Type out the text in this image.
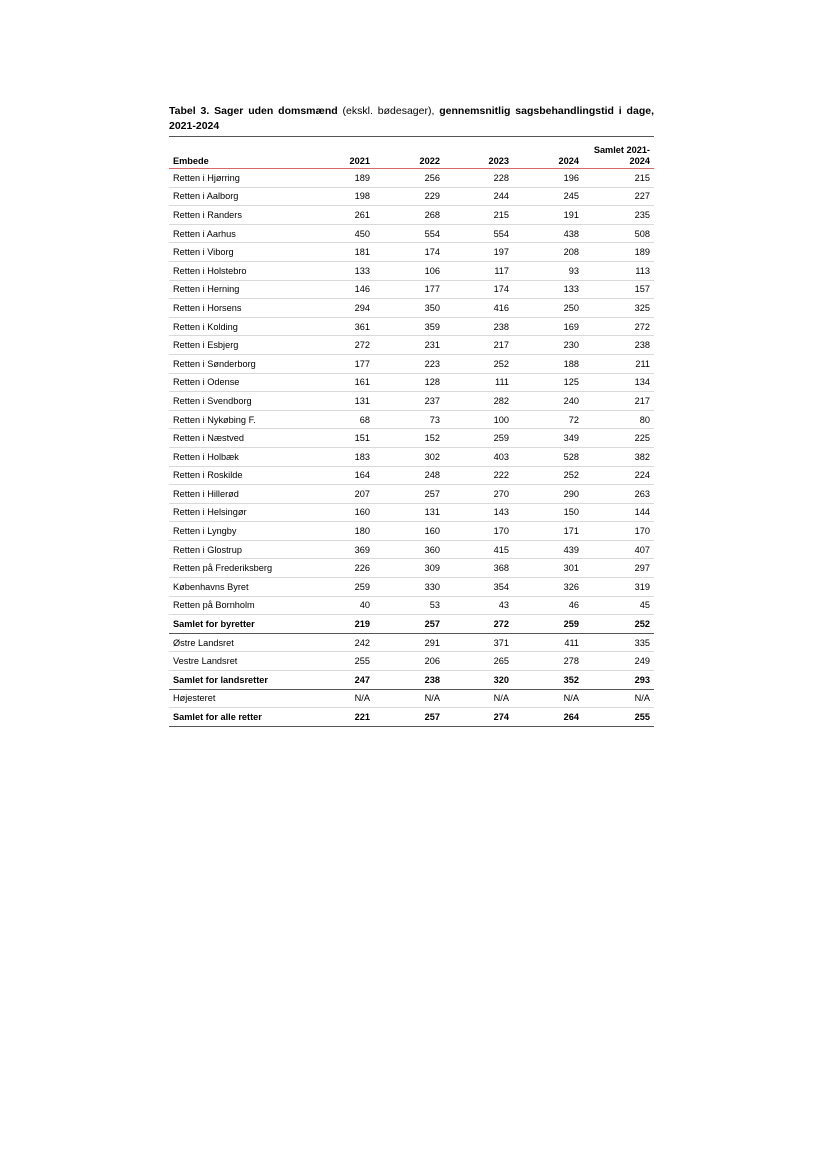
Tabel 3. Sager uden domsmænd (ekskl. bødesager), gennemsnitlig sagsbehandlingstid i dage, 2021-2024

Embede	2021	2022	2023	2024	Samlet 2021-2024
Retten i Hjørring	189	256	228	196	215
Retten i Aalborg	198	229	244	245	227
Retten i Randers	261	268	215	191	235
Retten i Aarhus	450	554	554	438	508
Retten i Viborg	181	174	197	208	189
Retten i Holstebro	133	106	117	93	113
Retten i Herning	146	177	174	133	157
Retten i Horsens	294	350	416	250	325
Retten i Kolding	361	359	238	169	272
Retten i Esbjerg	272	231	217	230	238
Retten i Sønderborg	177	223	252	188	211
Retten i Odense	161	128	111	125	134
Retten i Svendborg	131	237	282	240	217
Retten i Nykøbing F.	68	73	100	72	80
Retten i Næstved	151	152	259	349	225
Retten i Holbæk	183	302	403	528	382
Retten i Roskilde	164	248	222	252	224
Retten i Hillerød	207	257	270	290	263
Retten i Helsingør	160	131	143	150	144
Retten i Lyngby	180	160	170	171	170
Retten i Glostrup	369	360	415	439	407
Retten på Frederiksberg	226	309	368	301	297
Københavns Byret	259	330	354	326	319
Retten på Bornholm	40	53	43	46	45
Samlet for byretter	219	257	272	259	252
Østre Landsret	242	291	371	411	335
Vestre Landsret	255	206	265	278	249
Samlet for landsretter	247	238	320	352	293
Højesteret	N/A	N/A	N/A	N/A	N/A
Samlet for alle retter	221	257	274	264	255
